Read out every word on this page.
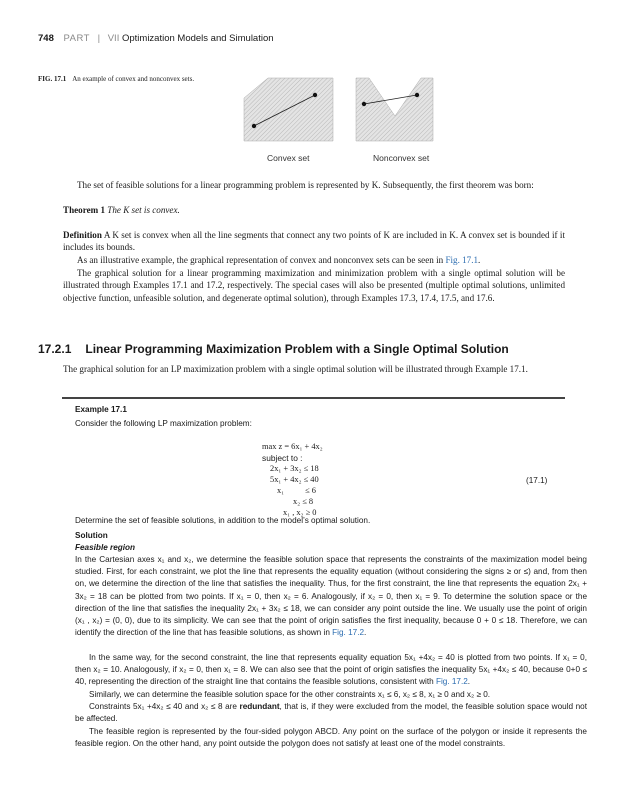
748 PART | VII Optimization Models and Simulation
FIG. 17.1 An example of convex and nonconvex sets.
Convex set	Nonconvex set
The set of feasible solutions for a linear programming problem is represented by K. Subsequently, the first theorem was born:
Theorem 1 The K set is convex.
Definition A K set is convex when all the line segments that connect any two points of K are included in K. A convex set is bounded if it includes its bounds.
As an illustrative example, the graphical representation of convex and nonconvex sets can be seen in Fig. 17.1.
The graphical solution for a linear programming maximization and minimization problem with a single optimal solution will be illustrated through Examples 17.1 and 17.2, respectively. The special cases will also be presented (multiple optimal solutions, unlimited objective function, unfeasible solution, and degenerate optimal solution), through Examples 17.3, 17.4, 17.5, and 17.6.
17.2.1 Linear Programming Maximization Problem with a Single Optimal Solution
The graphical solution for an LP maximization problem with a single optimal solution will be illustrated through Example 17.1.
Example 17.1
Consider the following LP maximization problem:
max z = 6x₁ + 4x₂
subject to :
2x₁ + 3x₂ ≤ 18
5x₁ + 4x₂ ≤ 40
x₁          ≤ 6
x₂ ≤ 8
x₁ , x₂ ≥ 0
(17.1)
Determine the set of feasible solutions, in addition to the model’s optimal solution.
Solution
Feasible region
In the Cartesian axes x₁ and x₂, we determine the feasible solution space that represents the constraints of the maximization model being studied. First, for each constraint, we plot the line that represents the equality equation (without considering the signs ≥ or ≤) and, from then on, we determine the direction of the line that satisfies the inequality. Thus, for the first constraint, the line that represents the equation 2x₁ + 3x₂ = 18 can be plotted from two points. If x₁ = 0, then x₂ = 6. Analogously, if x₂ = 0, then x₁ = 9. To determine the solution space or the direction of the line that satisfies the inequality 2x₁ + 3x₂ ≤ 18, we can consider any point outside the line. We usually use the point of origin (x₁ , x₂) = (0, 0), due to its simplicity. We can see that the point of origin satisfies the first inequality, because 0 + 0 ≤ 18. Therefore, we can identify the direction of the line that has feasible solutions, as shown in Fig. 17.2.
In the same way, for the second constraint, the line that represents equality equation 5x₁ +4x₂ = 40 is plotted from two points. If x₁ = 0, then x₂ = 10. Analogously, if x₂ = 0, then x₁ = 8. We can also see that the point of origin satisfies the inequality 5x₁ +4x₂ ≤ 40, because 0+0 ≤ 40, representing the direction of the straight line that contains the feasible solutions, consistent with Fig. 17.2.
Similarly, we can determine the feasible solution space for the other constraints x₁ ≤ 6, x₂ ≤ 8, x₁ ≥ 0 and x₂ ≥ 0.
Constraints 5x₁ +4x₂ ≤ 40 and x₂ ≤ 8 are redundant, that is, if they were excluded from the model, the feasible solution space would not be affected.
The feasible region is represented by the four-sided polygon ABCD. Any point on the surface of the polygon or inside it represents the feasible region. On the other hand, any point outside the polygon does not satisfy at least one of the model constraints.
